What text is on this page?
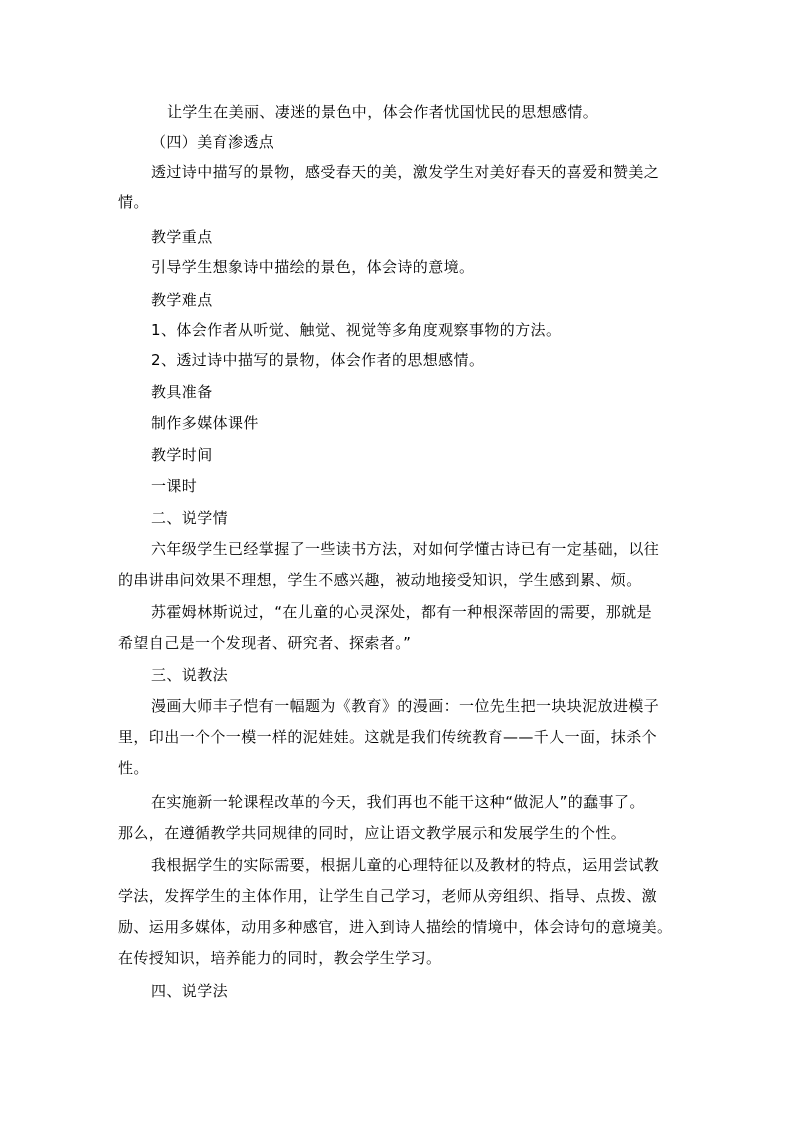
让学生在美丽、凄迷的景色中，体会作者忧国忧民的思想感情。
（四）美育渗透点
透过诗中描写的景物，感受春天的美，激发学生对美好春天的喜爱和赞美之
情。
教学重点
引导学生想象诗中描绘的景色，体会诗的意境。
教学难点
1、体会作者从听觉、触觉、视觉等多角度观察事物的方法。
2、透过诗中描写的景物，体会作者的思想感情。
教具准备
制作多媒体课件
教学时间
一课时
二、说学情
六年级学生已经掌握了一些读书方法，对如何学懂古诗已有一定基础，以往
的串讲串问效果不理想，学生不感兴趣，被动地接受知识，学生感到累、烦。
苏霍姆林斯说过，“在儿童的心灵深处，都有一种根深蒂固的需要，那就是
希望自己是一个发现者、研究者、探索者。”
三、说教法
漫画大师丰子恺有一幅题为《教育》的漫画：一位先生把一块块泥放进模子
里，印出一个个一模一样的泥娃娃。这就是我们传统教育——千人一面，抹杀个
性。
在实施新一轮课程改革的今天，我们再也不能干这种“做泥人”的蠢事了。
那么，在遵循教学共同规律的同时，应让语文教学展示和发展学生的个性。
我根据学生的实际需要，根据儿童的心理特征以及教材的特点，运用尝试教
学法，发挥学生的主体作用，让学生自己学习，老师从旁组织、指导、点拨、激
励、运用多媒体，动用多种感官，进入到诗人描绘的情境中，体会诗句的意境美。
在传授知识，培养能力的同时，教会学生学习。
四、说学法
